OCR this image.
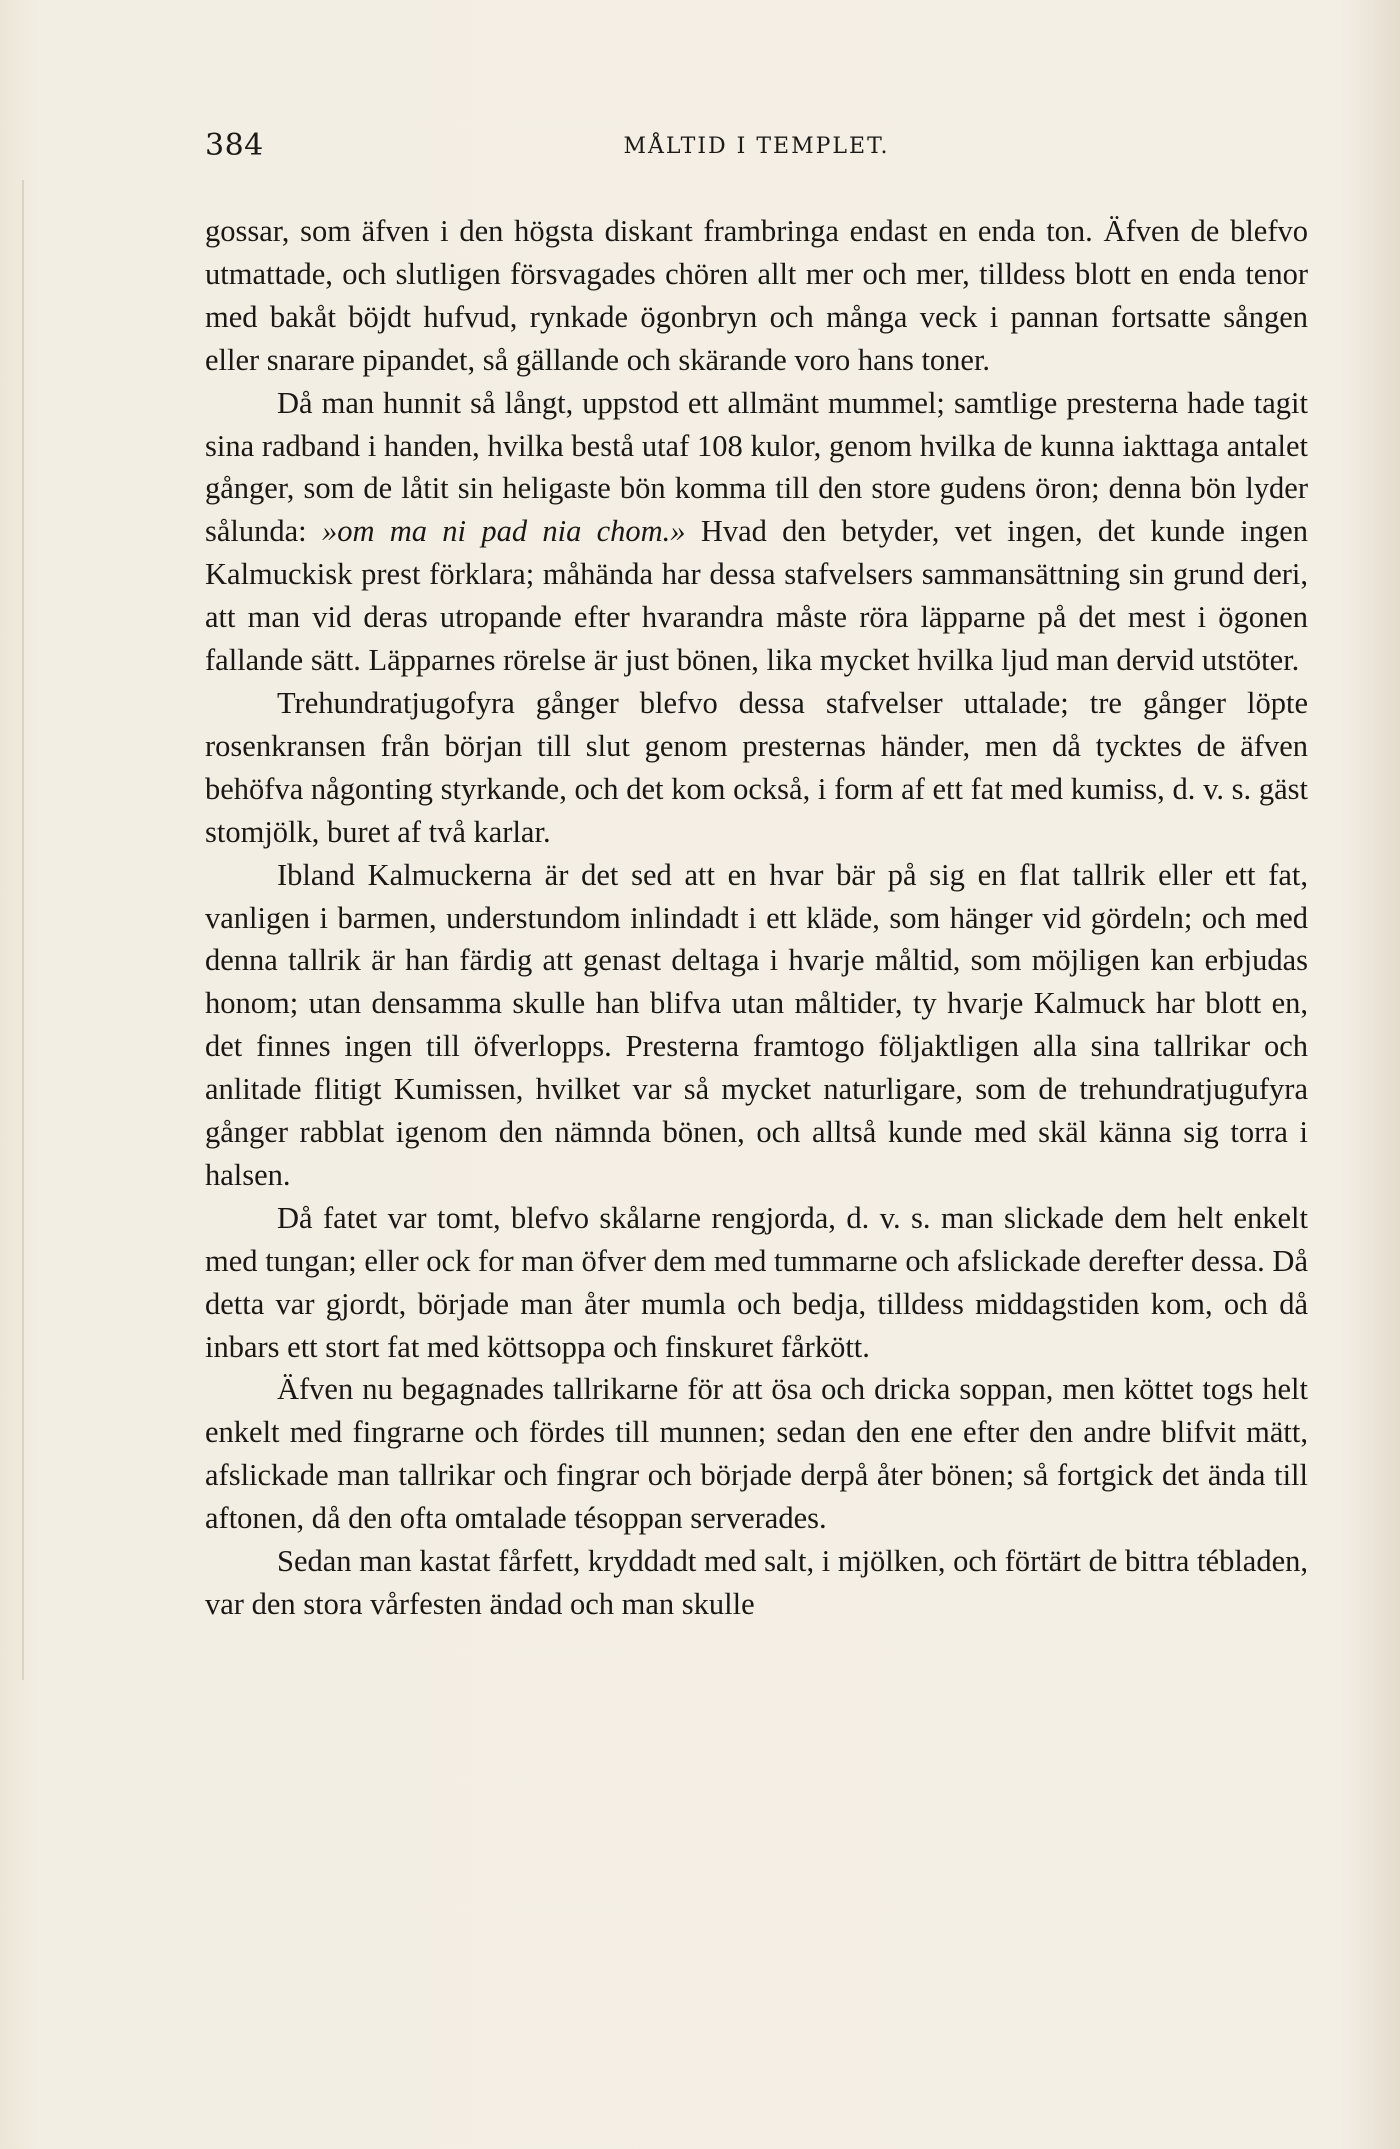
384	MÅLTID I TEMPLET.

gossar, som äfven i den högsta diskant frambringa endast en enda ton. Äfven de blefvo utmattade, och slutligen försvagades chören allt mer och mer, tilldess blott en enda tenor med bakåt böjdt hufvud, rynkade ögonbryn och många veck i pannan fortsatte sången eller snarare pipandet, så gällande och skärande voro hans toner.

Då man hunnit så långt, uppstod ett allmänt mummel; samtlige presterna hade tagit sina radband i handen, hvilka bestå utaf 108 kulor, genom hvilka de kunna iakttaga antalet gånger, som de låtit sin heligaste bön komma till den store gudens öron; denna bön lyder sålunda: »om ma ni pad nia chom.» Hvad den betyder, vet ingen, det kunde ingen Kalmuckisk prest förklara; måhända har dessa stafvelsers sammansättning sin grund deri, att man vid deras utropande efter hvarandra måste röra läpparne på det mest i ögonen fallande sätt. Läpparnes rörelse är just bönen, lika mycket hvilka ljud man dervid utstöter.

Trehundratjugofyra gånger blefvo dessa stafvelser uttalade; tre gånger löpte rosenkransen från början till slut genom presternas händer, men då tycktes de äfven behöfva någonting styrkande, och det kom också, i form af ett fat med kumiss, d. v. s. gäst stomjölk, buret af två karlar.

Ibland Kalmuckerna är det sed att en hvar bär på sig en flat tallrik eller ett fat, vanligen i barmen, understundom inlindadt i ett kläde, som hänger vid gördeln; och med denna tallrik är han färdig att genast deltaga i hvarje måltid, som möjligen kan erbjudas honom; utan densamma skulle han blifva utan måltider, ty hvarje Kalmuck har blott en, det finnes ingen till öfverlopps. Presterna framtogo följaktligen alla sina tallrikar och anlitade flitigt Kumissen, hvilket var så mycket naturligare, som de trehundratjugufyra gånger rabblat igenom den nämnda bönen, och alltså kunde med skäl känna sig torra i halsen.

Då fatet var tomt, blefvo skålarne rengjorda, d. v. s. man slickade dem helt enkelt med tungan; eller ock for man öfver dem med tummarne och afslickade derefter dessa. Då detta var gjordt, började man åter mumla och bedja, tilldess middagstiden kom, och då inbars ett stort fat med köttsoppa och finskuret fårkött.

Äfven nu begagnades tallrikarne för att ösa och dricka soppan, men köttet togs helt enkelt med fingrarne och fördes till munnen; sedan den ene efter den andre blifvit mätt, afslickade man tallrikar och fingrar och började derpå åter bönen; så fortgick det ända till aftonen, då den ofta omtalade tésoppan serverades.

Sedan man kastat fårfett, kryddadt med salt, i mjölken, och förtärt de bittra tébladen, var den stora vårfesten ändad och man skulle
